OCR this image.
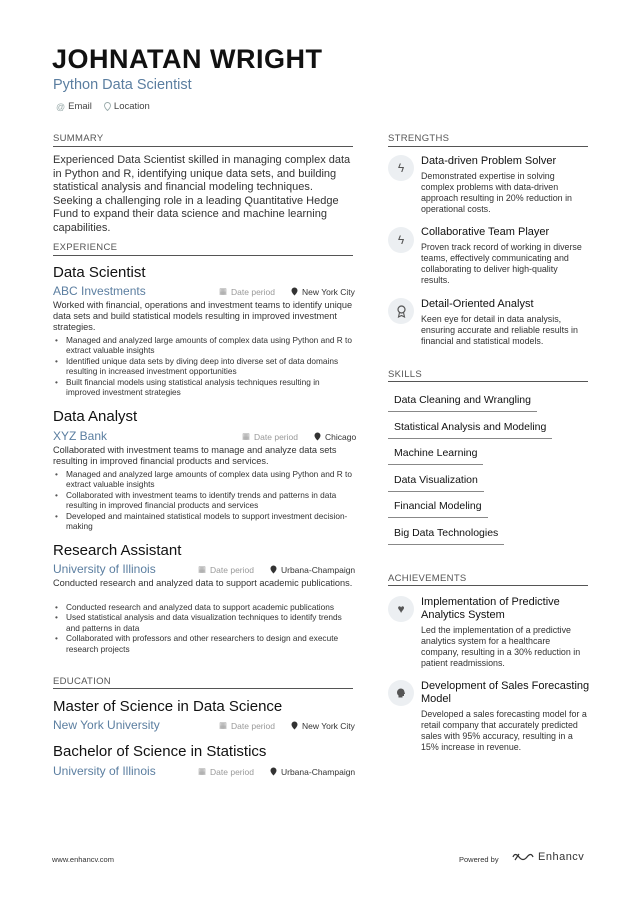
JOHNATAN WRIGHT
Python Data Scientist
@ Email Location
SUMMARY
Experienced Data Scientist skilled in managing complex data in Python and R, identifying unique data sets, and building statistical analysis and financial modeling techniques. Seeking a challenging role in a leading Quantitative Hedge Fund to expand their data science and machine learning capabilities.
EXPERIENCE
Data Scientist
ABC Investments	▦ Date period	New York City
Worked with financial, operations and investment teams to identify unique data sets and build statistical models resulting in improved investment strategies.
• Managed and analyzed large amounts of complex data using Python and R to extract valuable insights
• Identified unique data sets by diving deep into diverse set of data domains resulting in increased investment opportunities
• Built financial models using statistical analysis techniques resulting in improved investment strategies
Data Analyst
XYZ Bank	▦ Date period	Chicago
Collaborated with investment teams to manage and analyze data sets resulting in improved financial products and services.
• Managed and analyzed large amounts of complex data using Python and R to extract valuable insights
• Collaborated with investment teams to identify trends and patterns in data resulting in improved financial products and services
• Developed and maintained statistical models to support investment decision-making
Research Assistant
University of Illinois	▦ Date period	Urbana-Champaign
Conducted research and analyzed data to support academic publications.
• Conducted research and analyzed data to support academic publications
• Used statistical analysis and data visualization techniques to identify trends and patterns in data
• Collaborated with professors and other researchers to design and execute research projects
EDUCATION
Master of Science in Data Science
New York University	▦ Date period	New York City
Bachelor of Science in Statistics
University of Illinois	▦ Date period	Urbana-Champaign
STRENGTHS
ϟ	Data-driven Problem Solver
Demonstrated expertise in solving complex problems with data-driven approach resulting in 20% reduction in operational costs.
ϟ
Collaborative Team Player
Proven track record of working in diverse teams, effectively communicating and collaborating to deliver high-quality results.
Detail-Oriented Analyst
Keen eye for detail in data analysis, ensuring accurate and reliable results in financial and statistical models.
SKILLS
Data Cleaning and Wrangling
Statistical Analysis and Modeling
Machine Learning
Data Visualization
Financial Modeling
Big Data Technologies
ACHIEVEMENTS
♥	Implementation of Predictive Analytics System
Led the implementation of a predictive analytics system for a healthcare company, resulting in a 30% reduction in patient readmissions.
Development of Sales Forecasting Model
Developed a sales forecasting model for a retail company that accurately predicted sales with 95% accuracy, resulting in a 15% increase in revenue.
www.enhancv.com	Powered by	Enhancv
